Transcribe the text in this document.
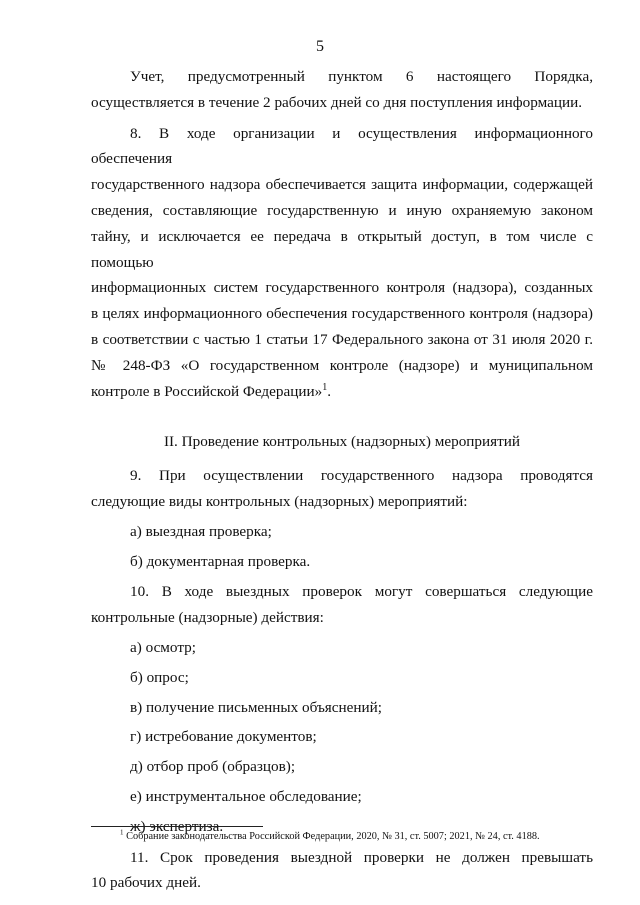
5

Учет, предусмотренный пунктом 6 настоящего Порядка,

осуществляется в течение 2 рабочих дней со дня поступления информации.

8. В ходе организации и осуществления информационного обеспечения

государственного надзора обеспечивается защита информации, содержащей

сведения, составляющие государственную и иную охраняемую законом

тайну, и исключается ее передача в открытый доступ, в том числе с помощью

информационных систем государственного контроля (надзора), созданных

в целях информационного обеспечения государственного контроля (надзора)

в соответствии с частью 1 статьи 17 Федерального закона от 31 июля 2020 г.

№ 248-ФЗ «О государственном контроле (надзоре) и муниципальном

контроле в Российской Федерации»$^1$.

II. Проведение контрольных (надзорных) мероприятий

9. При осуществлении государственного надзора проводятся

следующие виды контрольных (надзорных) мероприятий:

а) выездная проверка;

б) документарная проверка.

10. В ходе выездных проверок могут совершаться следующие

контрольные (надзорные) действия:

а) осмотр;

б) опрос;

в) получение письменных объяснений;

г) истребование документов;

д) отбор проб (образцов);

е) инструментальное обследование;

ж) экспертиза.

11. Срок проведения выездной проверки не должен превышать

10 рабочих дней.

$^1$ Собрание законодательства Российской Федерации, 2020, № 31, ст. 5007; 2021, № 24, ст. 4188.
